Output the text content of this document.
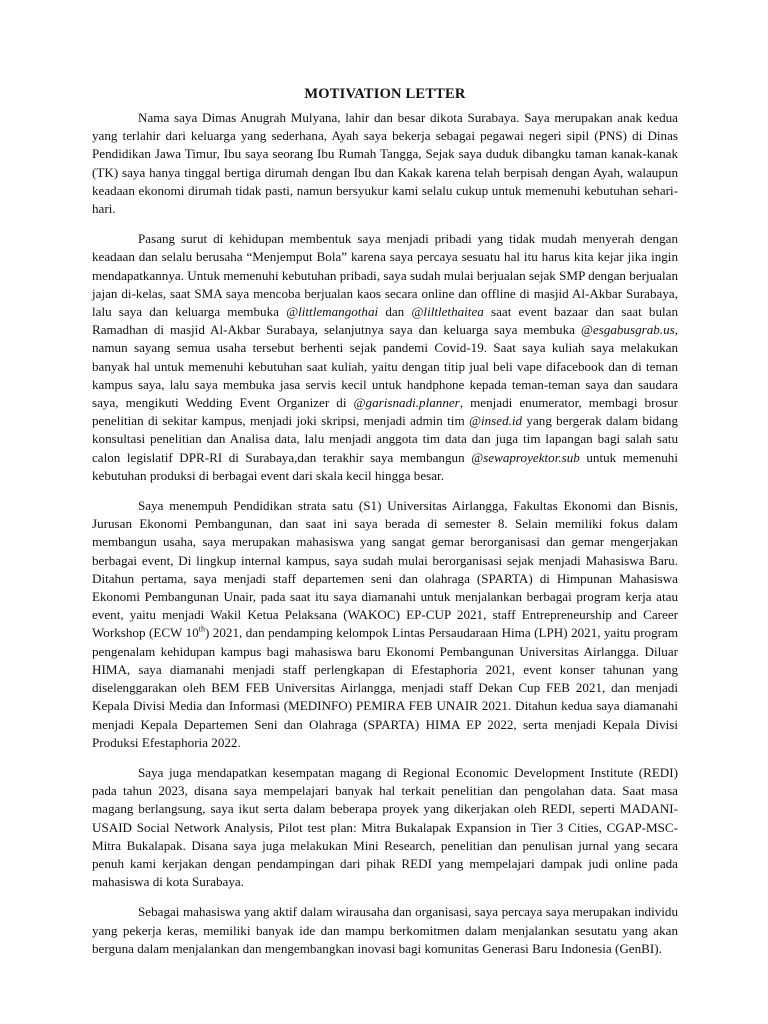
MOTIVATION LETTER

Nama saya Dimas Anugrah Mulyana, lahir dan besar dikota Surabaya. Saya merupakan anak kedua yang terlahir dari keluarga yang sederhana, Ayah saya bekerja sebagai pegawai negeri sipil (PNS) di Dinas Pendidikan Jawa Timur, Ibu saya seorang Ibu Rumah Tangga, Sejak saya duduk dibangku taman kanak-kanak (TK) saya hanya tinggal bertiga dirumah dengan Ibu dan Kakak karena telah berpisah dengan Ayah, walaupun keadaan ekonomi dirumah tidak pasti, namun bersyukur kami selalu cukup untuk memenuhi kebutuhan sehari-hari.

Pasang surut di kehidupan membentuk saya menjadi pribadi yang tidak mudah menyerah dengan keadaan dan selalu berusaha “Menjemput Bola” karena saya percaya sesuatu hal itu harus kita kejar jika ingin mendapatkannya. Untuk memenuhi kebutuhan pribadi, saya sudah mulai berjualan sejak SMP dengan berjualan jajan di-kelas, saat SMA saya mencoba berjualan kaos secara online dan offline di masjid Al-Akbar Surabaya, lalu saya dan keluarga membuka @littlemangothai dan @liltlethaitea saat event bazaar dan saat bulan Ramadhan di masjid Al-Akbar Surabaya, selanjutnya saya dan keluarga saya membuka @esgabusgrab.us, namun sayang semua usaha tersebut berhenti sejak pandemi Covid-19. Saat saya kuliah saya melakukan banyak hal untuk memenuhi kebutuhan saat kuliah, yaitu dengan titip jual beli vape difacebook dan di teman kampus saya, lalu saya membuka jasa servis kecil untuk handphone kepada teman-teman saya dan saudara saya, mengikuti Wedding Event Organizer di @garisnadi.planner, menjadi enumerator, membagi brosur penelitian di sekitar kampus, menjadi joki skripsi, menjadi admin tim @insed.id yang bergerak dalam bidang konsultasi penelitian dan Analisa data, lalu menjadi anggota tim data dan juga tim lapangan bagi salah satu calon legislatif DPR-RI di Surabaya,dan terakhir saya membangun @sewaproyektor.sub untuk memenuhi kebutuhan produksi di berbagai event dari skala kecil hingga besar.

Saya menempuh Pendidikan strata satu (S1) Universitas Airlangga, Fakultas Ekonomi dan Bisnis, Jurusan Ekonomi Pembangunan, dan saat ini saya berada di semester 8. Selain memiliki fokus dalam membangun usaha, saya merupakan mahasiswa yang sangat gemar berorganisasi dan gemar mengerjakan berbagai event, Di lingkup internal kampus, saya sudah mulai berorganisasi sejak menjadi Mahasiswa Baru. Ditahun pertama, saya menjadi staff departemen seni dan olahraga (SPARTA) di Himpunan Mahasiswa Ekonomi Pembangunan Unair, pada saat itu saya diamanahi untuk menjalankan berbagai program kerja atau event, yaitu menjadi Wakil Ketua Pelaksana (WAKOC) EP-CUP 2021, staff Entrepreneurship and Career Workshop (ECW 10th) 2021, dan pendamping kelompok Lintas Persaudaraan Hima (LPH) 2021, yaitu program pengenalam kehidupan kampus bagi mahasiswa baru Ekonomi Pembangunan Universitas Airlangga. Diluar HIMA, saya diamanahi menjadi staff perlengkapan di Efestaphoria 2021, event konser tahunan yang diselenggarakan oleh BEM FEB Universitas Airlangga, menjadi staff Dekan Cup FEB 2021, dan menjadi Kepala Divisi Media dan Informasi (MEDINFO) PEMIRA FEB UNAIR 2021. Ditahun kedua saya diamanahi menjadi Kepala Departemen Seni dan Olahraga (SPARTA) HIMA EP 2022, serta menjadi Kepala Divisi Produksi Efestaphoria 2022.

Saya juga mendapatkan kesempatan magang di Regional Economic Development Institute (REDI) pada tahun 2023, disana saya mempelajari banyak hal terkait penelitian dan pengolahan data. Saat masa magang berlangsung, saya ikut serta dalam beberapa proyek yang dikerjakan oleh REDI, seperti MADANI-USAID Social Network Analysis, Pilot test plan: Mitra Bukalapak Expansion in Tier 3 Cities, CGAP-MSC-Mitra Bukalapak. Disana saya juga melakukan Mini Research, penelitian dan penulisan jurnal yang secara penuh kami kerjakan dengan pendampingan dari pihak REDI yang mempelajari dampak judi online pada mahasiswa di kota Surabaya.

Sebagai mahasiswa yang aktif dalam wirausaha dan organisasi, saya percaya saya merupakan individu yang pekerja keras, memiliki banyak ide dan mampu berkomitmen dalam menjalankan sesutatu yang akan berguna dalam menjalankan dan mengembangkan inovasi bagi komunitas Generasi Baru Indonesia (GenBI).
